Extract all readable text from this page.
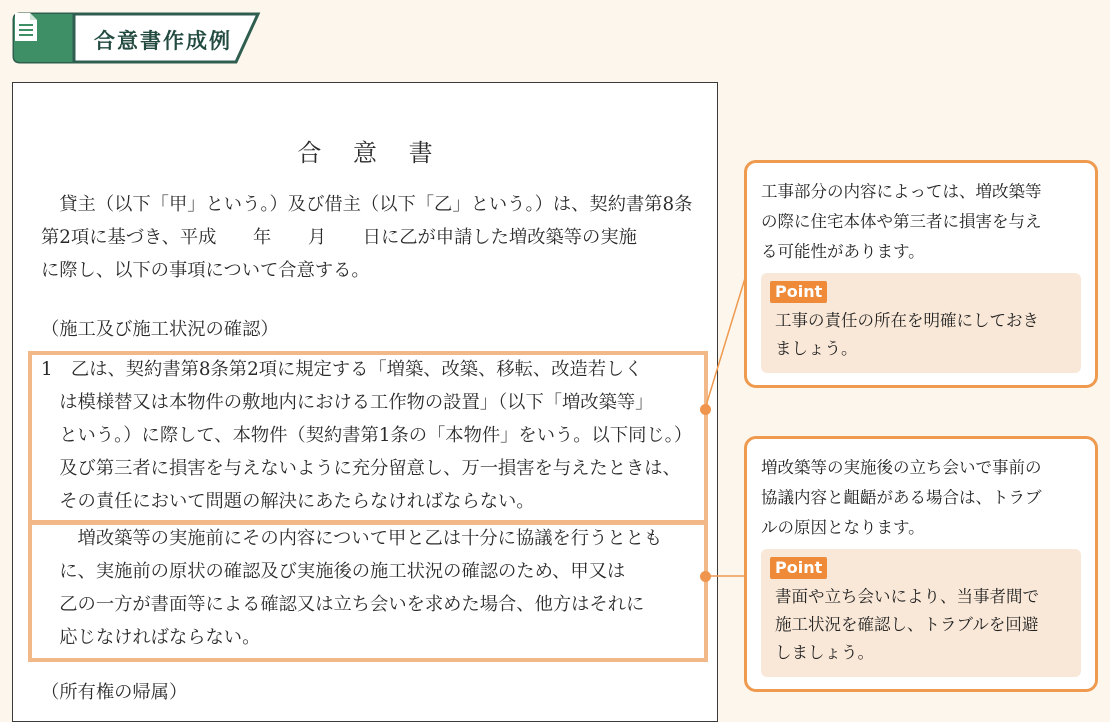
合意書作成例
合 意 書
　貸主（以下「甲」という。）及び借主（以下「乙」という。）は、契約書第8条
第2項に基づき、平成　　年　　月　　日に乙が申請した増改築等の実施
に際し、以下の事項について合意する。
（施工及び施工状況の確認）
1　乙は、契約書第8条第2項に規定する「増築、改築、移転、改造若しく
　は模様替又は本物件の敷地内における工作物の設置」（以下「増改築等」
　という。）に際して、本物件（契約書第1条の「本物件」をいう。以下同じ。）
　及び第三者に損害を与えないように充分留意し、万一損害を与えたときは、
　その責任において問題の解決にあたらなければならない。
　　増改築等の実施前にその内容について甲と乙は十分に協議を行うととも
　に、実施前の原状の確認及び実施後の施工状況の確認のため、甲又は
　乙の一方が書面等による確認又は立ち会いを求めた場合、他方はそれに
　応じなければならない。
（所有権の帰属）
工事部分の内容によっては、増改築等
の際に住宅本体や第三者に損害を与え
る可能性があります。
Point
工事の責任の所在を明確にしておき
ましょう。
増改築等の実施後の立ち会いで事前の
協議内容と齟齬がある場合は、トラブ
ルの原因となります。
Point
書面や立ち会いにより、当事者間で
施工状況を確認し、トラブルを回避
しましょう。
